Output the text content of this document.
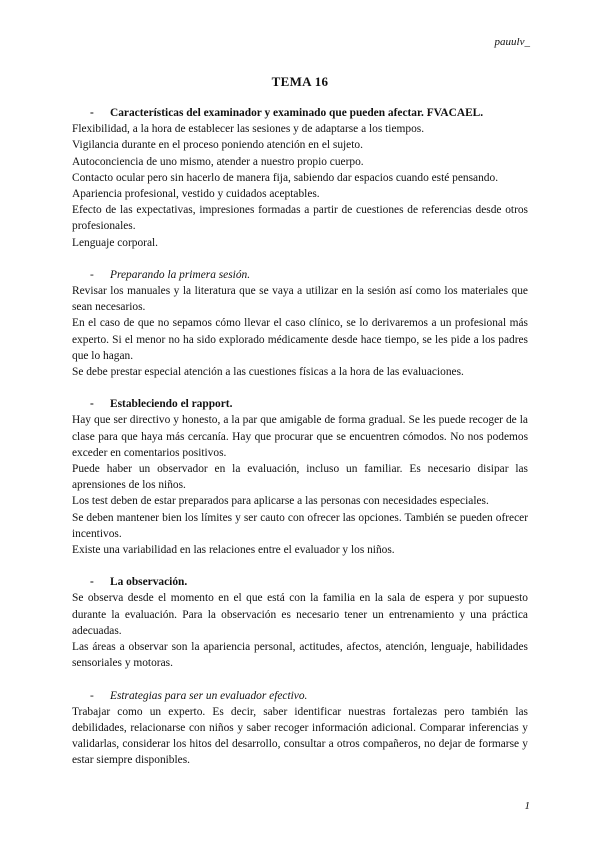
pauulv_
TEMA 16
- Características del examinador y examinado que pueden afectar. FVACAEL.

Flexibilidad, a la hora de establecer las sesiones y de adaptarse a los tiempos.

Vigilancia durante en el proceso poniendo atención en el sujeto.

Autoconciencia de uno mismo, atender a nuestro propio cuerpo.

Contacto ocular pero sin hacerlo de manera fija, sabiendo dar espacios cuando esté pensando.

Apariencia profesional, vestido y cuidados aceptables.

Efecto de las expectativas, impresiones formadas a partir de cuestiones de referencias desde otros profesionales.

Lenguaje corporal.

- Preparando la primera sesión.

Revisar los manuales y la literatura que se vaya a utilizar en la sesión así como los materiales que sean necesarios.

En el caso de que no sepamos cómo llevar el caso clínico, se lo derivaremos a un profesional más experto. Si el menor no ha sido explorado médicamente desde hace tiempo, se les pide a los padres que lo hagan.

Se debe prestar especial atención a las cuestiones físicas a la hora de las evaluaciones.

- Estableciendo el rapport.

Hay que ser directivo y honesto, a la par que amigable de forma gradual. Se les puede recoger de la clase para que haya más cercanía. Hay que procurar que se encuentren cómodos. No nos podemos exceder en comentarios positivos.

Puede haber un observador en la evaluación, incluso un familiar. Es necesario disipar las aprensiones de los niños.

Los test deben de estar preparados para aplicarse a las personas con necesidades especiales.

Se deben mantener bien los límites y ser cauto con ofrecer las opciones. También se pueden ofrecer incentivos.

Existe una variabilidad en las relaciones entre el evaluador y los niños.

- La observación.

Se observa desde el momento en el que está con la familia en la sala de espera y por supuesto durante la evaluación. Para la observación es necesario tener un entrenamiento y una práctica adecuadas.

Las áreas a observar son la apariencia personal, actitudes, afectos, atención, lenguaje, habilidades sensoriales y motoras.

- Estrategias para ser un evaluador efectivo.

Trabajar como un experto. Es decir, saber identificar nuestras fortalezas pero también las debilidades, relacionarse con niños y saber recoger información adicional. Comparar inferencias y validarlas, considerar los hitos del desarrollo, consultar a otros compañeros, no dejar de formarse y estar siempre disponibles.

1
